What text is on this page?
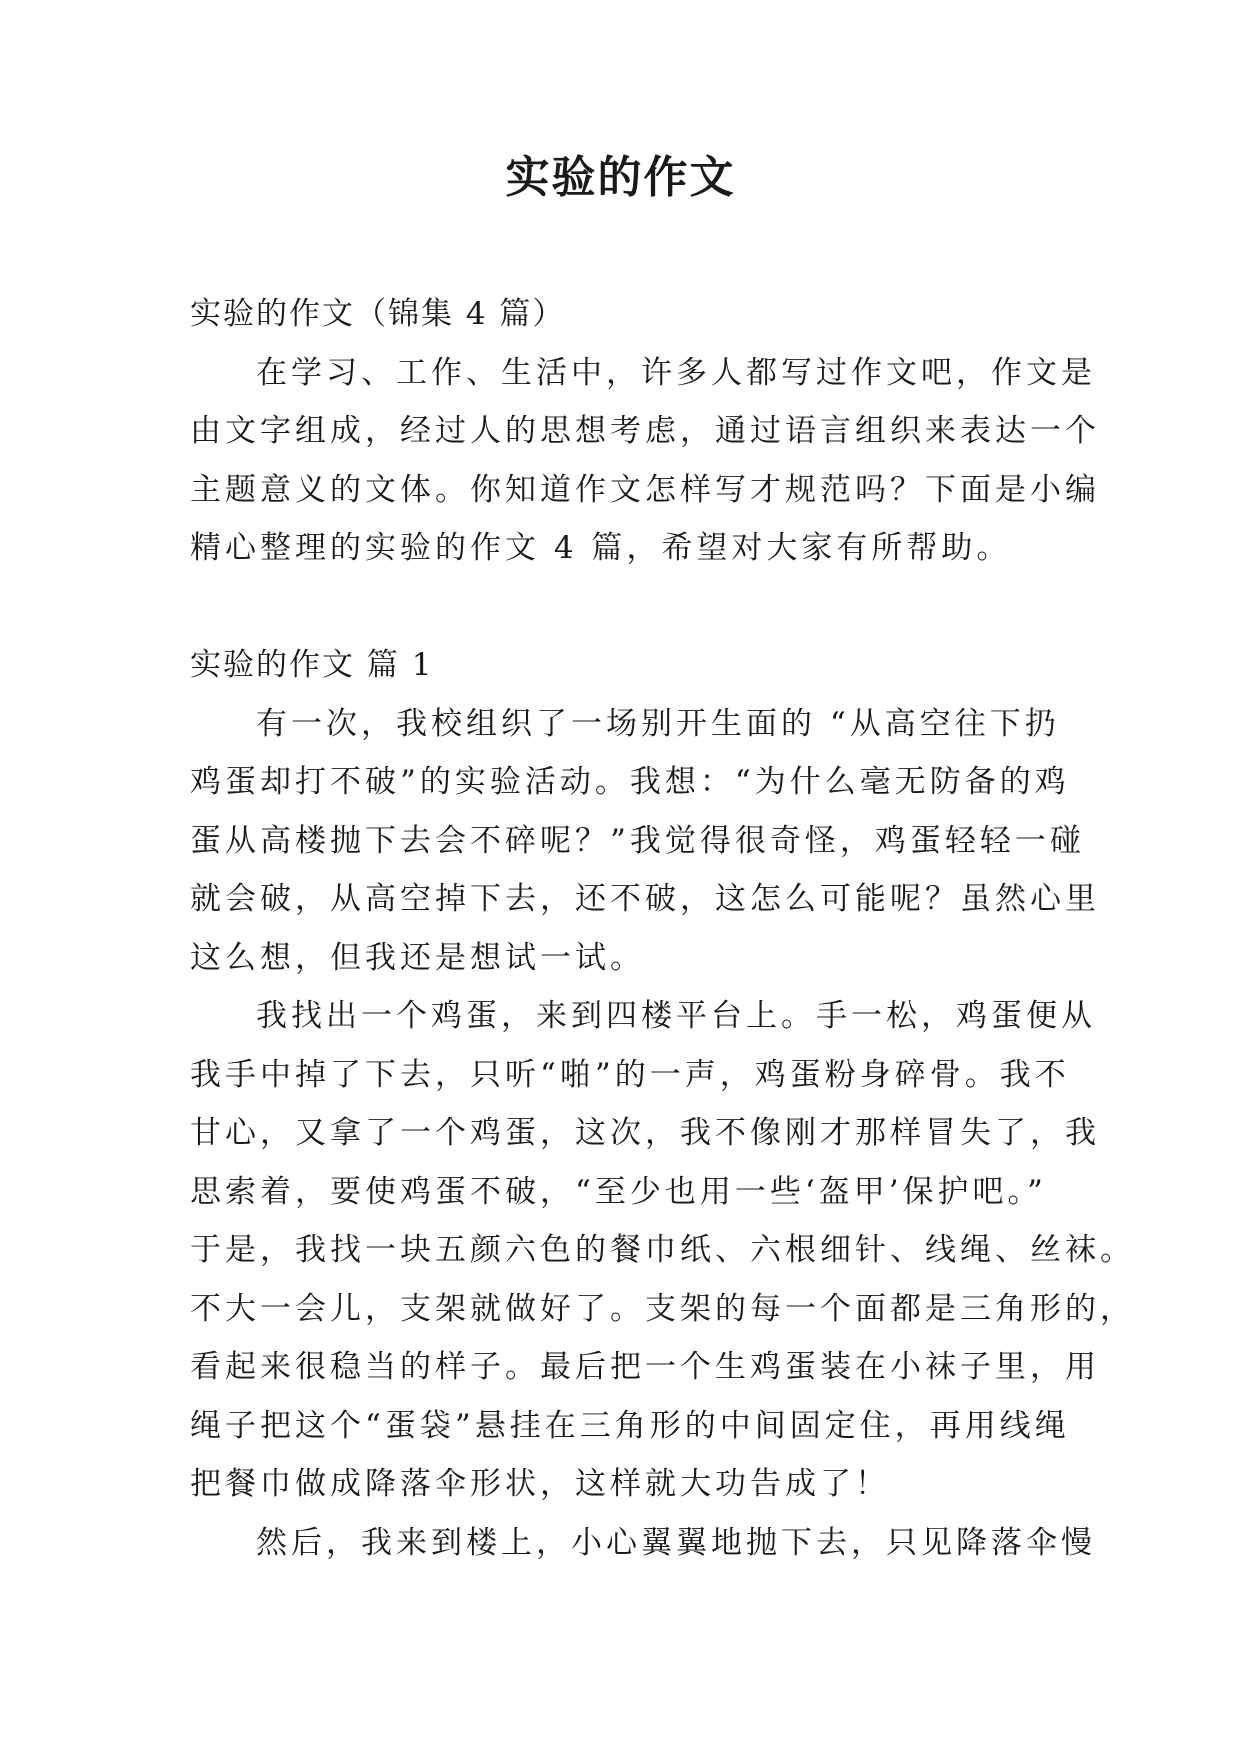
实验的作文
实验的作文（锦集 4 篇）
在学习、工作、生活中，许多人都写过作文吧，作文是
由文字组成，经过人的思想考虑，通过语言组织来表达一个
主题意义的文体。你知道作文怎样写才规范吗？下面是小编
精心整理的实验的作文 4 篇，希望对大家有所帮助。
实验的作文 篇 1
有一次，我校组织了一场别开生面的 “从高空往下扔
鸡蛋却打不破”的实验活动。我想：“为什么毫无防备的鸡
蛋从高楼抛下去会不碎呢？”我觉得很奇怪，鸡蛋轻轻一碰
就会破，从高空掉下去，还不破，这怎么可能呢？虽然心里
这么想，但我还是想试一试。
我找出一个鸡蛋，来到四楼平台上。手一松，鸡蛋便从
我手中掉了下去，只听“啪”的一声，鸡蛋粉身碎骨。我不
甘心，又拿了一个鸡蛋，这次，我不像刚才那样冒失了，我
思索着，要使鸡蛋不破，“至少也用一些‘盔甲’保护吧。”
于是，我找一块五颜六色的餐巾纸、六根细针、线绳、丝袜。
不大一会儿，支架就做好了。支架的每一个面都是三角形的，
看起来很稳当的样子。最后把一个生鸡蛋装在小袜子里，用
绳子把这个“蛋袋”悬挂在三角形的中间固定住，再用线绳
把餐巾做成降落伞形状，这样就大功告成了！
然后，我来到楼上，小心翼翼地抛下去，只见降落伞慢
